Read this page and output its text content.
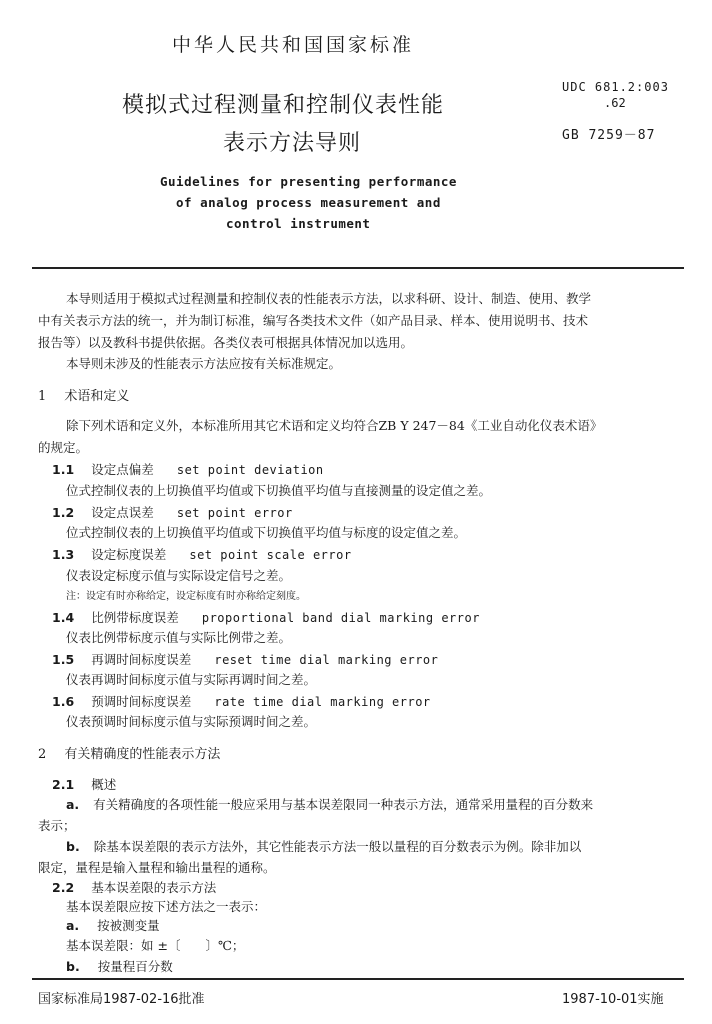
中华人民共和国国家标准
模拟式过程测量和控制仪表性能
表示方法导则
UDC 681.2:003
.62
GB 7259－87
Guidelines for presenting performance
of analog process measurement and
control instrument
本导则适用于模拟式过程测量和控制仪表的性能表示方法，以求科研、设计、制造、使用、教学
中有关表示方法的统一，并为制订标准，编写各类技术文件（如产品目录、样本、使用说明书、技术
报告等）以及教科书提供依据。各类仪表可根据具体情况加以选用。
本导则未涉及的性能表示方法应按有关标准规定。
1 术语和定义
除下列术语和定义外，本标准所用其它术语和定义均符合ZB Y 247－84《工业自动化仪表术语》
的规定。
1.1 设定点偏差 set point deviation
位式控制仪表的上切换值平均值或下切换值平均值与直接测量的设定值之差。
1.2 设定点误差 set point error
位式控制仪表的上切换值平均值或下切换值平均值与标度的设定值之差。
1.3 设定标度误差 set point scale error
仪表设定标度示值与实际设定信号之差。
注：设定有时亦称给定，设定标度有时亦称给定刻度。
1.4 比例带标度误差 proportional band dial marking error
仪表比例带标度示值与实际比例带之差。
1.5 再调时间标度误差 reset time dial marking error
仪表再调时间标度示值与实际再调时间之差。
1.6 预调时间标度误差 rate time dial marking error
仪表预调时间标度示值与实际预调时间之差。
2 有关精确度的性能表示方法
2.1 概述
a. 有关精确度的各项性能一般应采用与基本误差限同一种表示方法，通常采用量程的百分数来
表示；
b. 除基本误差限的表示方法外，其它性能表示方法一般以量程的百分数表示为例。除非加以
限定，量程是输入量程和输出量程的通称。
2.2 基本误差限的表示方法
基本误差限应按下述方法之一表示：
a. 按被测变量
基本误差限：如 ±〔　　〕℃；
b. 按量程百分数
国家标准局1987-02-16批准	1987-10-01实施
